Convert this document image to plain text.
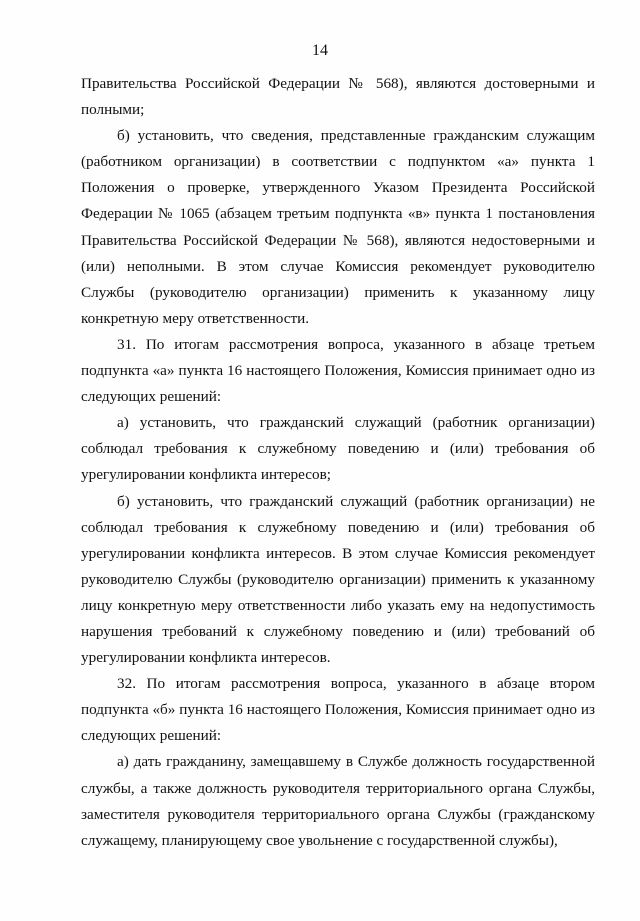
14

Правительства Российской Федерации № 568), являются достоверными и полными;

б) установить, что сведения, представленные гражданским служащим (работником организации) в соответствии с подпунктом «а» пункта 1 Положения о проверке, утвержденного Указом Президента Российской Федерации № 1065 (абзацем третьим подпункта «в» пункта 1 постановления Правительства Российской Федерации № 568), являются недостоверными и (или) неполными. В этом случае Комиссия рекомендует руководителю Службы (руководителю организации) применить к указанному лицу конкретную меру ответственности.

31. По итогам рассмотрения вопроса, указанного в абзаце третьем подпункта «а» пункта 16 настоящего Положения, Комиссия принимает одно из следующих решений:

а) установить, что гражданский служащий (работник организации) соблюдал требования к служебному поведению и (или) требования об урегулировании конфликта интересов;

б) установить, что гражданский служащий (работник организации) не соблюдал требования к служебному поведению и (или) требования об урегулировании конфликта интересов. В этом случае Комиссия рекомендует руководителю Службы (руководителю организации) применить к указанному лицу конкретную меру ответственности либо указать ему на недопустимость нарушения требований к служебному поведению и (или) требований об урегулировании конфликта интересов.

32. По итогам рассмотрения вопроса, указанного в абзаце втором подпункта «б» пункта 16 настоящего Положения, Комиссия принимает одно из следующих решений:

а) дать гражданину, замещавшему в Службе должность государственной службы, а также должность руководителя территориального органа Службы, заместителя руководителя территориального органа Службы (гражданскому служащему, планирующему свое увольнение с государственной службы),
